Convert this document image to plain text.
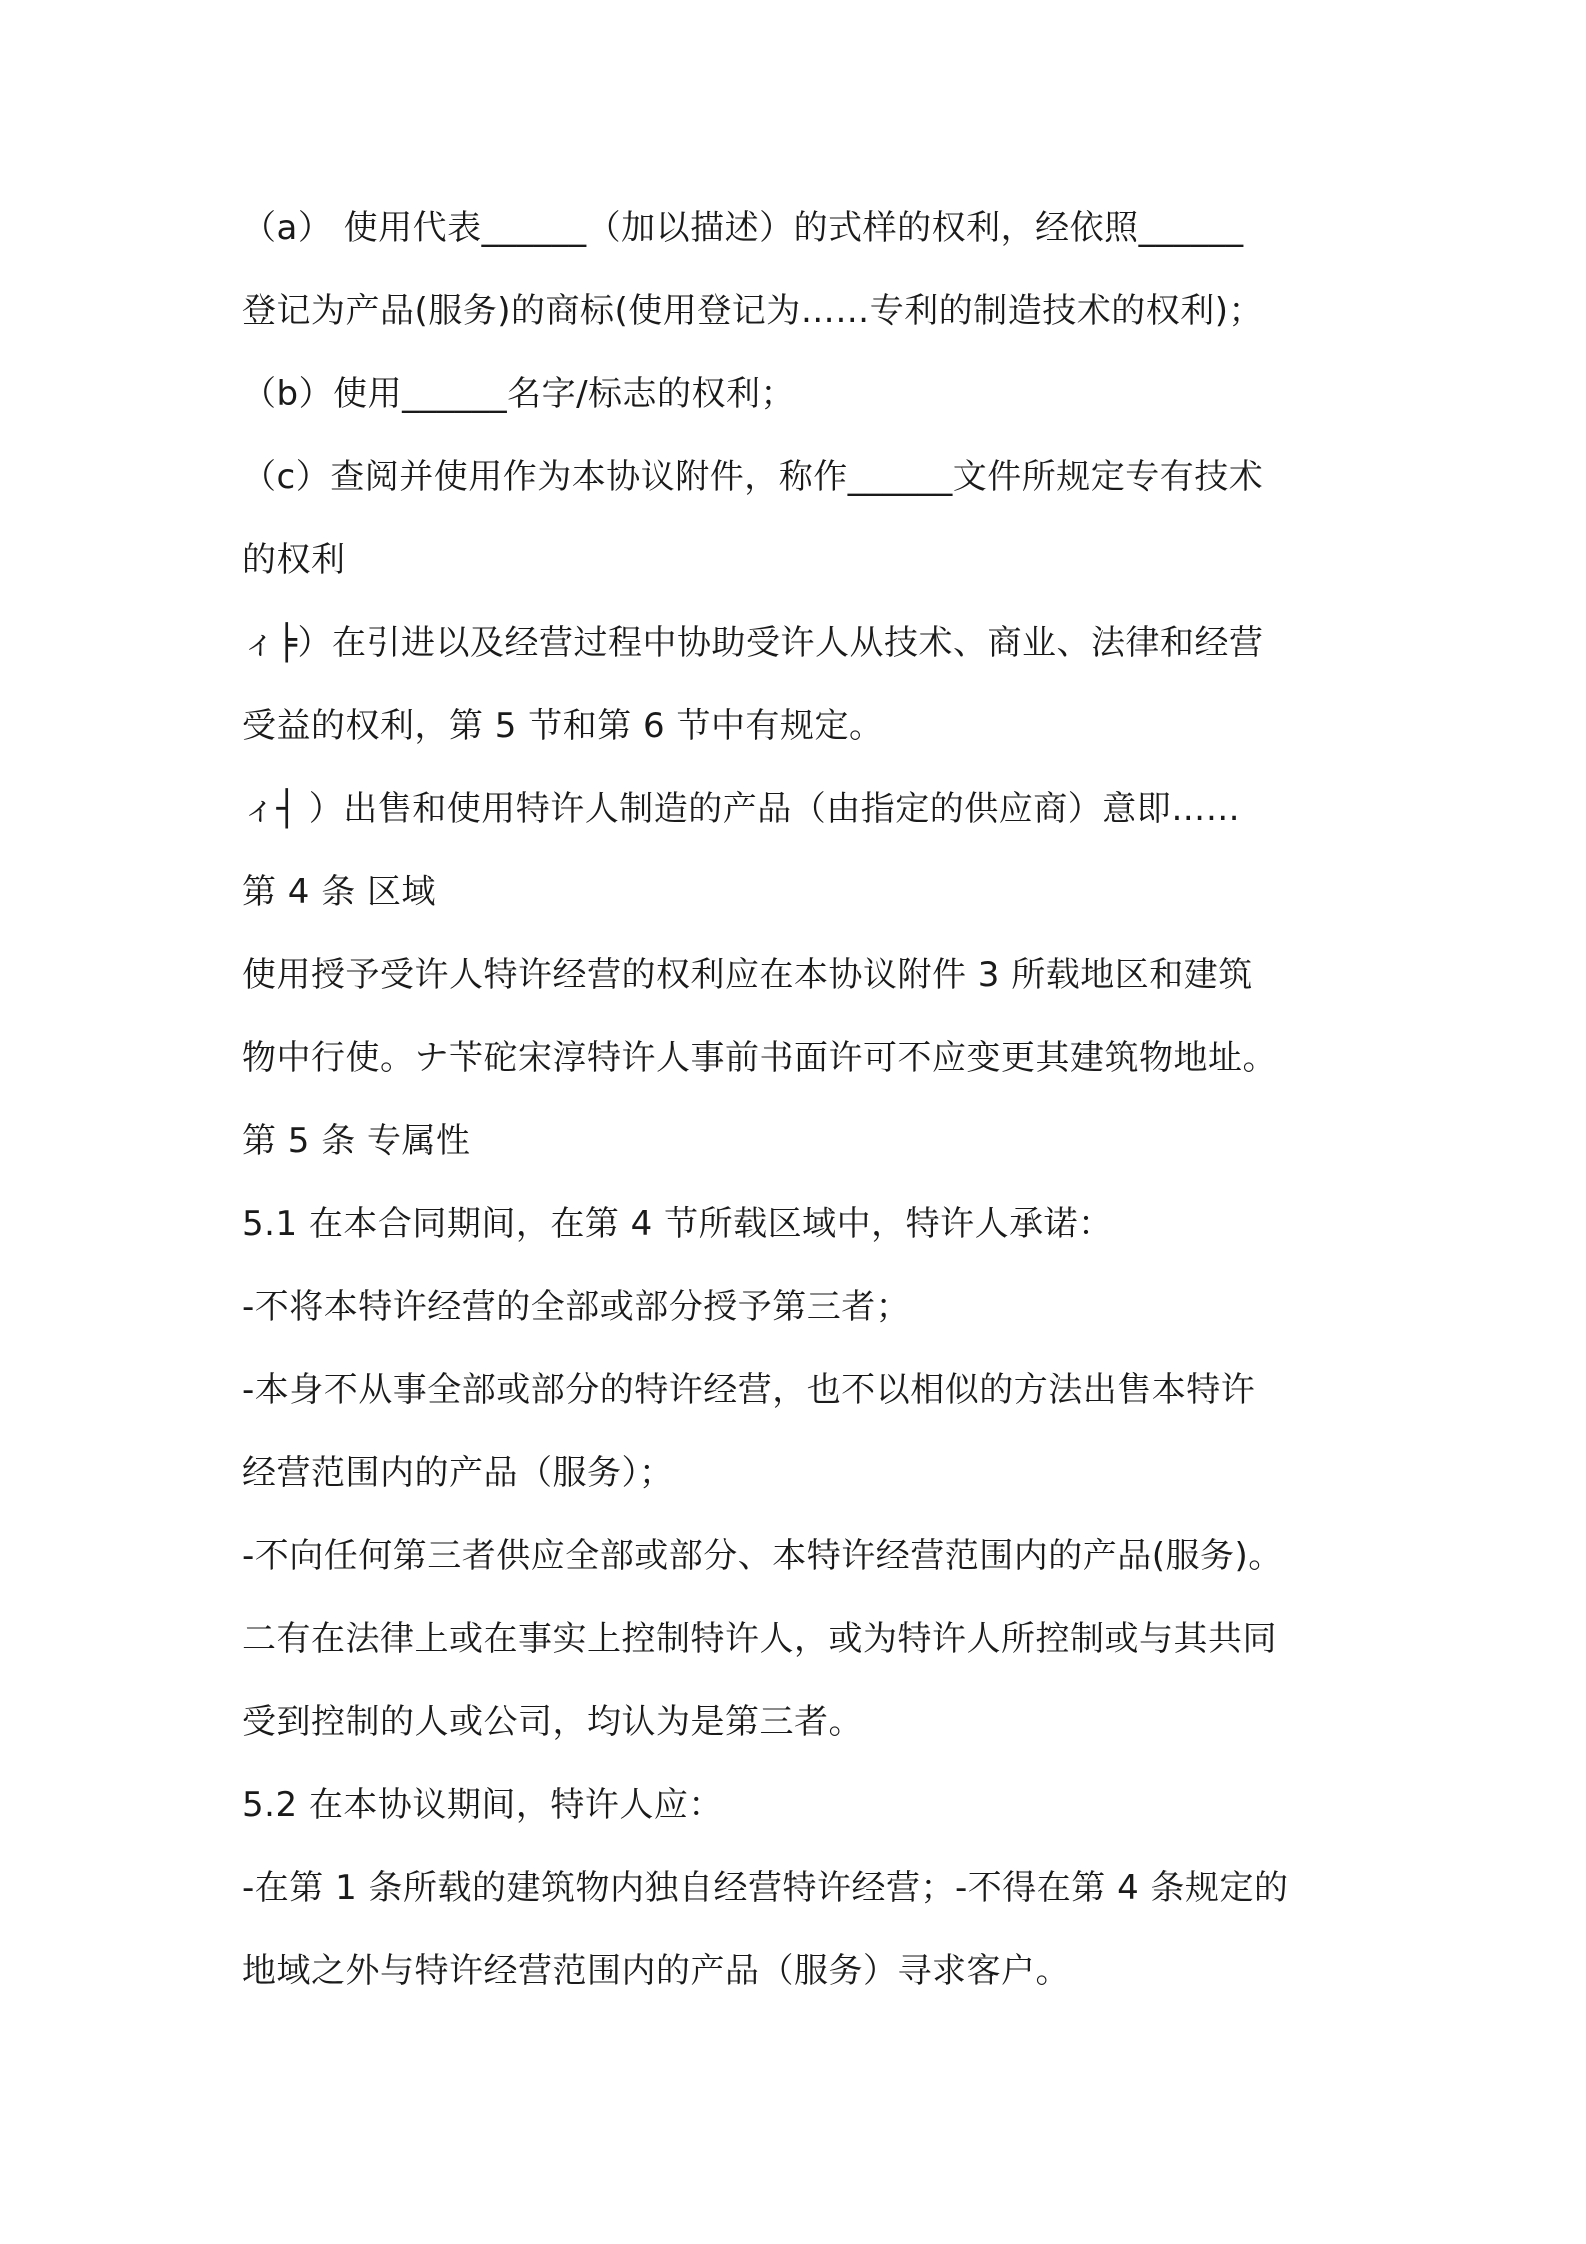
（a） 使用代表______（加以描述）的式样的权利，经依照______
登记为产品(服务)的商标(使用登记为……专利的制造技术的权利)；
（b）使用______名字/标志的权利；
（c）查阅并使用作为本协议附件，称作______文件所规定专有技术
的权利
ィ╞）在引进以及经营过程中协助受许人从技术、商业、法律和经营
受益的权利，第 5 节和第 6 节中有规定。
ィ┤ ）出售和使用特许人制造的产品（由指定的供应商）意即……
第 4 条 区域
使用授予受许人特许经营的权利应在本协议附件 3 所载地区和建筑
物中行使。ナ苄砣宋淳特许人事前书面许可不应变更其建筑物地址。
第 5 条 专属性
5.1 在本合同期间，在第 4 节所载区域中，特许人承诺：
-不将本特许经营的全部或部分授予第三者；
-本身不从事全部或部分的特许经营，也不以相似的方法出售本特许
经营范围内的产品（服务）；
-不向任何第三者供应全部或部分、本特许经营范围内的产品(服务)。
二有在法律上或在事实上控制特许人，或为特许人所控制或与其共同
受到控制的人或公司，均认为是第三者。
5.2 在本协议期间，特许人应：
-在第 1 条所载的建筑物内独自经营特许经营；-不得在第 4 条规定的
地域之外与特许经营范围内的产品（服务）寻求客户。
